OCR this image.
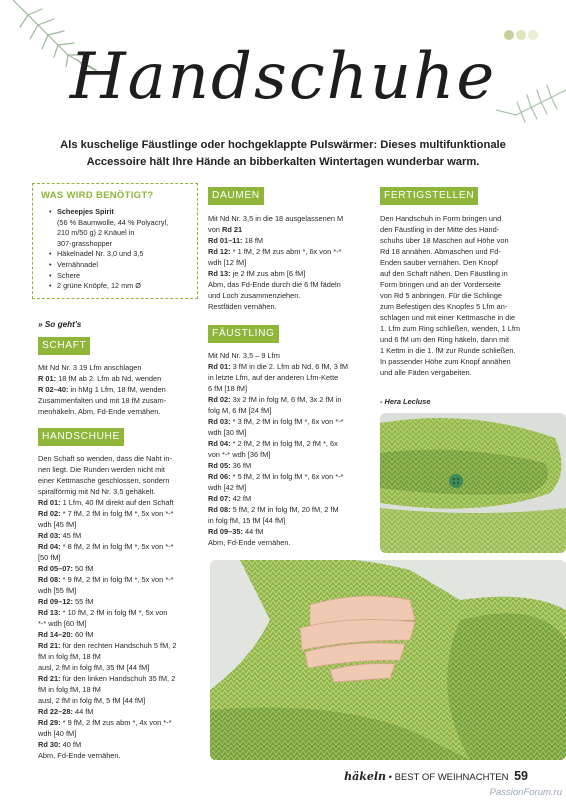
Handschuhe
Als kuschelige Fäustlinge oder hochgeklappte Pulswärmer: Dieses multifunktionale Accessoire hält Ihre Hände an bibberkalten Wintertagen wunderbar warm.
WAS WIRD BENÖTIGT?
• Scheepjes Spirit

(56 % Baumwolle, 44 % Polyacryl,
210 m/50 g) 2 Knäuel in
307-grasshopper
• Häkelnadel Nr. 3,0 und 3,5
• Vernähnadel
• Schere
• 2 grüne Knöpfe, 12 mm Ø
» So geht's
SCHAFT

Mit Nd Nr. 3 19 Lfm anschlagen

R 01: 18 fM ab 2. Lfm ab Nd, wenden

R 02–40: in hMg 1 Lfm, 18 fM, wenden

Zusammenfalten und mit 18 fM zusam-

menhäkeln. Abm, Fd-Ende vernähen.

HANDSCHUHE

Den Schaft so wenden, dass die Naht in-

nen liegt. Die Runden werden nicht mit

einer Kettmasche geschlossen, sondern

spiralförmig mit Nd Nr. 3,5 gehäkelt.

Rd 01: 1 Lfm, 40 fM direkt auf den Schaft

Rd 02: * 7 fM, 2 fM in folg fM *, 5x von *-*

wdh [45 fM]

Rd 03: 45 fM

Rd 04: * 8 fM, 2 fM in folg fM *, 5x von *-*

[50 fM]

Rd 05–07: 50 fM

Rd 08: * 9 fM, 2 fM in folg fM *, 5x von *-*

wdh [55 fM]

Rd 09–12: 55 fM

Rd 13: * 10 fM, 2 fM in folg fM *, 5x von

*-* wdh [60 fM]

Rd 14–20: 60 fM

Rd 21: für den rechten Handschuh 5 fM, 2

fM in folg fM, 18 fM

ausl, 2 fM in folg fM, 35 fM [44 fM]

Rd 21: für den linken Handschuh 35 fM, 2

fM in folg fM, 18 fM

ausl, 2 fM in folg fM, 5 fM [44 fM]

Rd 22–28: 44 fM

Rd 29: * 9 fM, 2 fM zus abm *, 4x von *-*

wdh [40 fM]

Rd 30: 40 fM

Abm, Fd-Ende vernähen.

DAUMEN

Mit Nd Nr. 3,5 in die 18 ausgelassenen M

von Rd 21

Rd 01–11: 18 fM

Rd 12: * 1 fM, 2 fM zus abm *, 6x von *-*

wdh [12 fM]

Rd 13: je 2 fM zus abm [6 fM]

Abm, das Fd-Ende durch die 6 fM fädeln

und Loch zusammenziehen.

Restfäden vernähen.

FÄUSTLING

Mit Nd Nr. 3,5 – 9 Lfm

Rd 01: 3 fM in die 2. Lfm ab Nd, 6 fM, 3 fM

in letzte Lfm, auf der anderen Lfm-Kette

6 fM [18 fM]

Rd 02: 3x 2 fM in folg M, 6 fM, 3x 2 fM in

folg M, 6 fM [24 fM]

Rd 03: * 3 fM, 2 fM in folg fM *, 6x von *-*

wdh [30 fM]

Rd 04: * 2 fM, 2 fM in folg fM, 2 fM *, 6x

von *-* wdh [36 fM]

Rd 05: 36 fM

Rd 06: * 5 fM, 2 fM in folg fM *, 6x von *-*

wdh [42 fM]

Rd 07: 42 fM

Rd 08: 5 fM, 2 fM in folg fM, 20 fM, 2 fM

in folg fM, 15 fM [44 fM]

Rd 09–35: 44 fM

Abm, Fd-Ende vernähen.

FERTIGSTELLEN

Den Handschuh in Form bringen und

den Fäustling in der Mitte des Hand-

schuhs über 18 Maschen auf Höhe von

Rd 18 annähen. Abmaschen und Fd-

Enden sauber vernähen. Den Knopf

auf den Schaft nähen. Den Fäustling in

Form bringen und an der Vorderseite

von Rd 5 anbringen. Für die Schlinge

zum Befestigen des Knopfes 5 Lfm an-

schlagen und mit einer Kettmasche in die

1. Lfm zum Ring schließen, wenden, 1 Lfm

und 6 fM um den Ring häkeln, dann mit

1 Kettm in die 1. fM zur Runde schließen.

In passender Höhe zum Knopf annähen

und alle Fäden vergabeiten.

- Hera Lecluse
häkeln • BEST OF WEIHNACHTEN 59
PassionForum.ru
